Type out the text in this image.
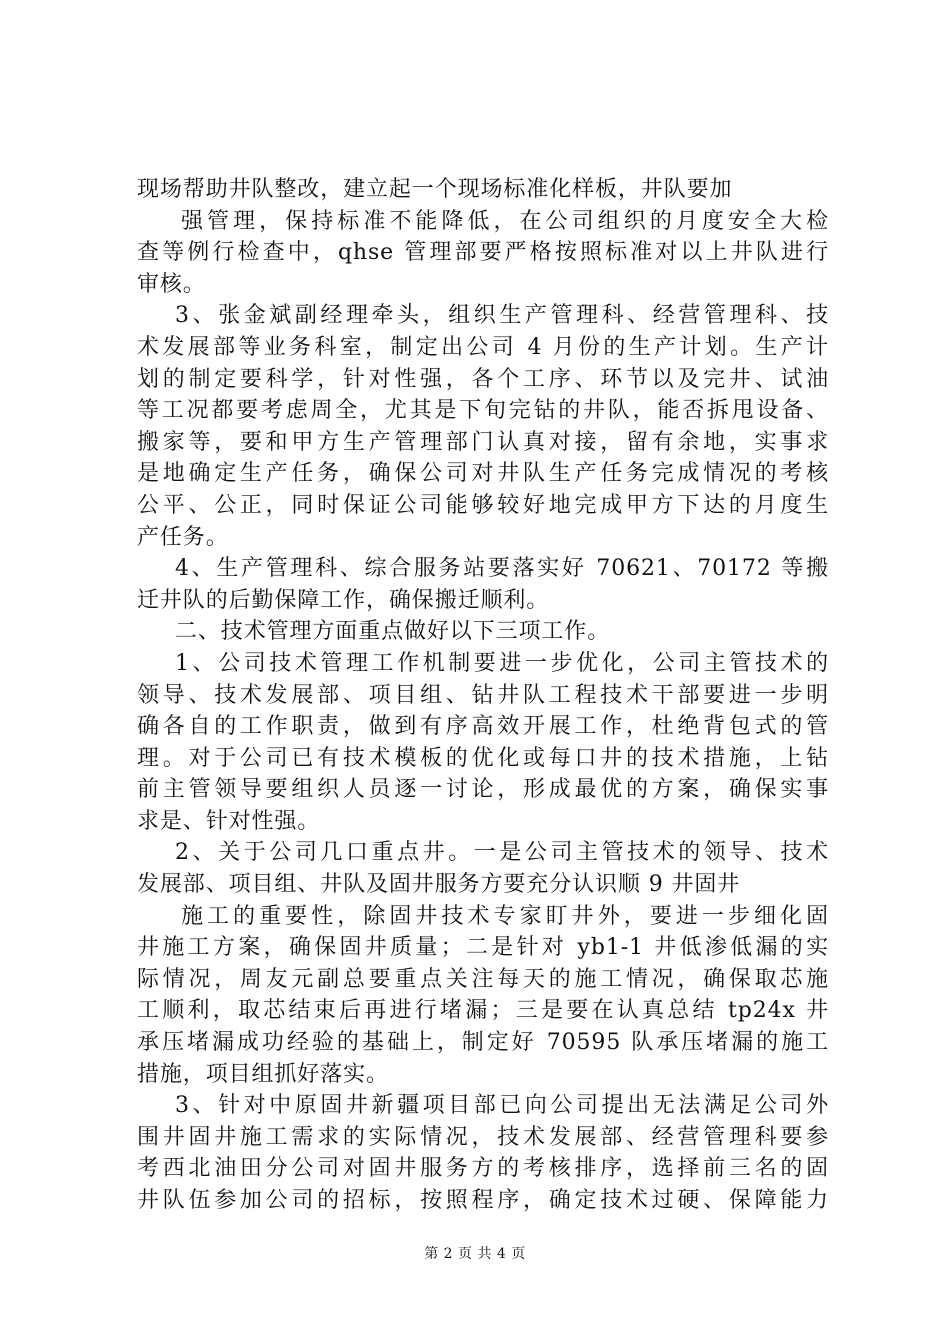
现场帮助井队整改，建立起一个现场标准化样板，井队要加
强管理，保持标准不能降低，在公司组织的月度安全大检
查等例行检查中，qhse 管理部要严格按照标准对以上井队进行
审核。
3、张金斌副经理牵头，组织生产管理科、经营管理科、技
术发展部等业务科室，制定出公司 4 月份的生产计划。生产计
划的制定要科学，针对性强，各个工序、环节以及完井、试油
等工况都要考虑周全，尤其是下旬完钻的井队，能否拆甩设备、
搬家等，要和甲方生产管理部门认真对接，留有余地，实事求
是地确定生产任务，确保公司对井队生产任务完成情况的考核
公平、公正，同时保证公司能够较好地完成甲方下达的月度生
产任务。
4、生产管理科、综合服务站要落实好 70621、70172 等搬
迁井队的后勤保障工作，确保搬迁顺利。
二、技术管理方面重点做好以下三项工作。
1、公司技术管理工作机制要进一步优化，公司主管技术的
领导、技术发展部、项目组、钻井队工程技术干部要进一步明
确各自的工作职责，做到有序高效开展工作，杜绝背包式的管
理。对于公司已有技术模板的优化或每口井的技术措施，上钻
前主管领导要组织人员逐一讨论，形成最优的方案，确保实事
求是、针对性强。
2、关于公司几口重点井。一是公司主管技术的领导、技术
发展部、项目组、井队及固井服务方要充分认识顺 9 井固井
施工的重要性，除固井技术专家盯井外，要进一步细化固
井施工方案，确保固井质量；二是针对 yb1-1 井低渗低漏的实
际情况，周友元副总要重点关注每天的施工情况，确保取芯施
工顺利，取芯结束后再进行堵漏；三是要在认真总结 tp24x 井
承压堵漏成功经验的基础上，制定好 70595 队承压堵漏的施工
措施，项目组抓好落实。
3、针对中原固井新疆项目部已向公司提出无法满足公司外
围井固井施工需求的实际情况，技术发展部、经营管理科要参
考西北油田分公司对固井服务方的考核排序，选择前三名的固
井队伍参加公司的招标，按照程序，确定技术过硬、保障能力
第 2 页 共 4 页
